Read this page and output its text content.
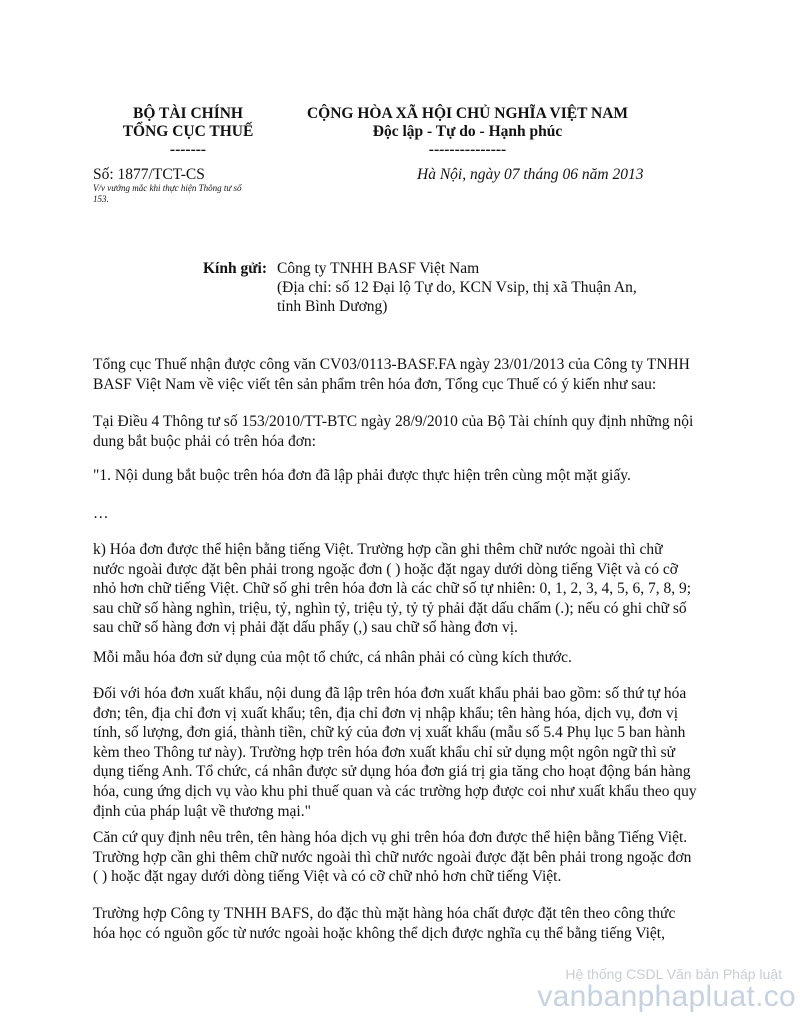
BỘ TÀI CHÍNH
TỔNG CỤC THUẾ
-------
CỘNG HÒA XÃ HỘI CHỦ NGHĨA VIỆT NAM
Độc lập - Tự do - Hạnh phúc
---------------
Số: 1877/TCT-CS
V/v vướng mắc khi thực hiện Thông tư số
153.
Hà Nội, ngày 07 tháng 06 năm 2013
Kính gửi: Công ty TNHH BASF Việt Nam
(Địa chỉ: số 12 Đại lộ Tự do, KCN Vsip, thị xã Thuận An,
tỉnh Bình Dương)
Tổng cục Thuế nhận được công văn CV03/0113-BASF.FA ngày 23/01/2013 của Công ty TNHH
BASF Việt Nam về việc viết tên sản phẩm trên hóa đơn, Tổng cục Thuế có ý kiến như sau:
Tại Điều 4 Thông tư số 153/2010/TT-BTC ngày 28/9/2010 của Bộ Tài chính quy định những nội
dung bắt buộc phải có trên hóa đơn:
"1. Nội dung bắt buộc trên hóa đơn đã lập phải được thực hiện trên cùng một mặt giấy.
…
k) Hóa đơn được thể hiện bằng tiếng Việt. Trường hợp cần ghi thêm chữ nước ngoài thì chữ
nước ngoài được đặt bên phải trong ngoặc đơn ( ) hoặc đặt ngay dưới dòng tiếng Việt và có cỡ
nhỏ hơn chữ tiếng Việt. Chữ số ghi trên hóa đơn là các chữ số tự nhiên: 0, 1, 2, 3, 4, 5, 6, 7, 8, 9;
sau chữ số hàng nghìn, triệu, tỷ, nghìn tỷ, triệu tỷ, tỷ tỷ phải đặt dấu chấm (.); nếu có ghi chữ số
sau chữ số hàng đơn vị phải đặt dấu phẩy (,) sau chữ số hàng đơn vị.
Mỗi mẫu hóa đơn sử dụng của một tổ chức, cá nhân phải có cùng kích thước.
Đối với hóa đơn xuất khẩu, nội dung đã lập trên hóa đơn xuất khẩu phải bao gồm: số thứ tự hóa
đơn; tên, địa chỉ đơn vị xuất khẩu; tên, địa chỉ đơn vị nhập khẩu; tên hàng hóa, dịch vụ, đơn vị
tính, số lượng, đơn giá, thành tiền, chữ ký của đơn vị xuất khẩu (mẫu số 5.4 Phụ lục 5 ban hành
kèm theo Thông tư này). Trường hợp trên hóa đơn xuất khẩu chỉ sử dụng một ngôn ngữ thì sử
dụng tiếng Anh. Tổ chức, cá nhân được sử dụng hóa đơn giá trị gia tăng cho hoạt động bán hàng
hóa, cung ứng dịch vụ vào khu phi thuế quan và các trường hợp được coi như xuất khẩu theo quy
định của pháp luật về thương mại."
Căn cứ quy định nêu trên, tên hàng hóa dịch vụ ghi trên hóa đơn được thể hiện bằng Tiếng Việt.
Trường hợp cần ghi thêm chữ nước ngoài thì chữ nước ngoài được đặt bên phải trong ngoặc đơn
( ) hoặc đặt ngay dưới dòng tiếng Việt và có cỡ chữ nhỏ hơn chữ tiếng Việt.
Trường hợp Công ty TNHH BAFS, do đặc thù mặt hàng hóa chất được đặt tên theo công thức
hóa học có nguồn gốc từ nước ngoài hoặc không thể dịch được nghĩa cụ thể bằng tiếng Việt,
Hệ thống CSDL Văn bản Pháp luật
vanbanphapluat.co
